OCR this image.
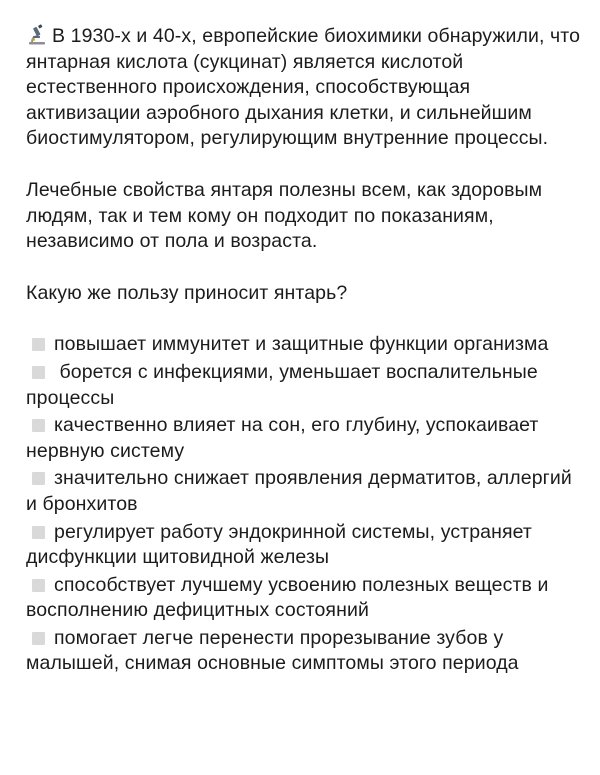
В 1930-х и 40-х, европейские биохимики обнаружили, что янтарная кислота (сукцинат) является кислотой естественного происхождения, способствующая активизации аэробного дыхания клетки, и сильнейшим биостимулятором, регулирующим внутренние процессы.

Лечебные свойства янтаря полезны всем, как здоровым людям, так и тем кому он подходит по показаниям, независимо от пола и возраста.

Какую же пользу приносит янтарь?

повышает иммунитет и защитные функции организма
борется с инфекциями, уменьшает воспалительные процессы
качественно влияет на сон, его глубину, успокаивает нервную систему
значительно снижает проявления дерматитов, аллергий и бронхитов
регулирует работу эндокринной системы, устраняет дисфункции щитовидной железы
способствует лучшему усвоению полезных веществ и восполнению дефицитных состояний
помогает легче перенести прорезывание зубов у малышей, снимая основные симптомы этого периода
